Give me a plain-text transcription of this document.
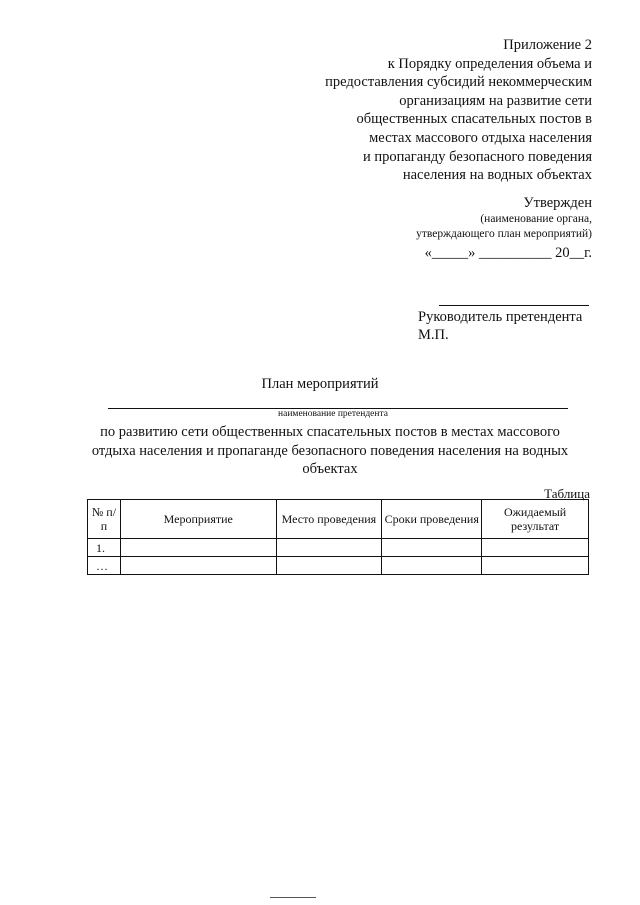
Приложение 2
к Порядку определения объема и
предоставления субсидий некоммерческим
организациям на развитие сети
общественных спасательных постов в
местах массового отдыха населения
и пропаганду безопасного поведения
населения на водных объектах
Утвержден
(наименование органа,
утверждающего план мероприятий)
«_____» __________ 20__г.
Руководитель претендента
М.П.
План мероприятий
наименование претендента
по развитию сети общественных спасательных постов в местах массового
отдыха населения и пропаганде безопасного поведения населения на водных
объектах
Таблица
№ п/п	Мероприятие	Место проведения	Сроки проведения	Ожидаемый результат
1.				
…				
